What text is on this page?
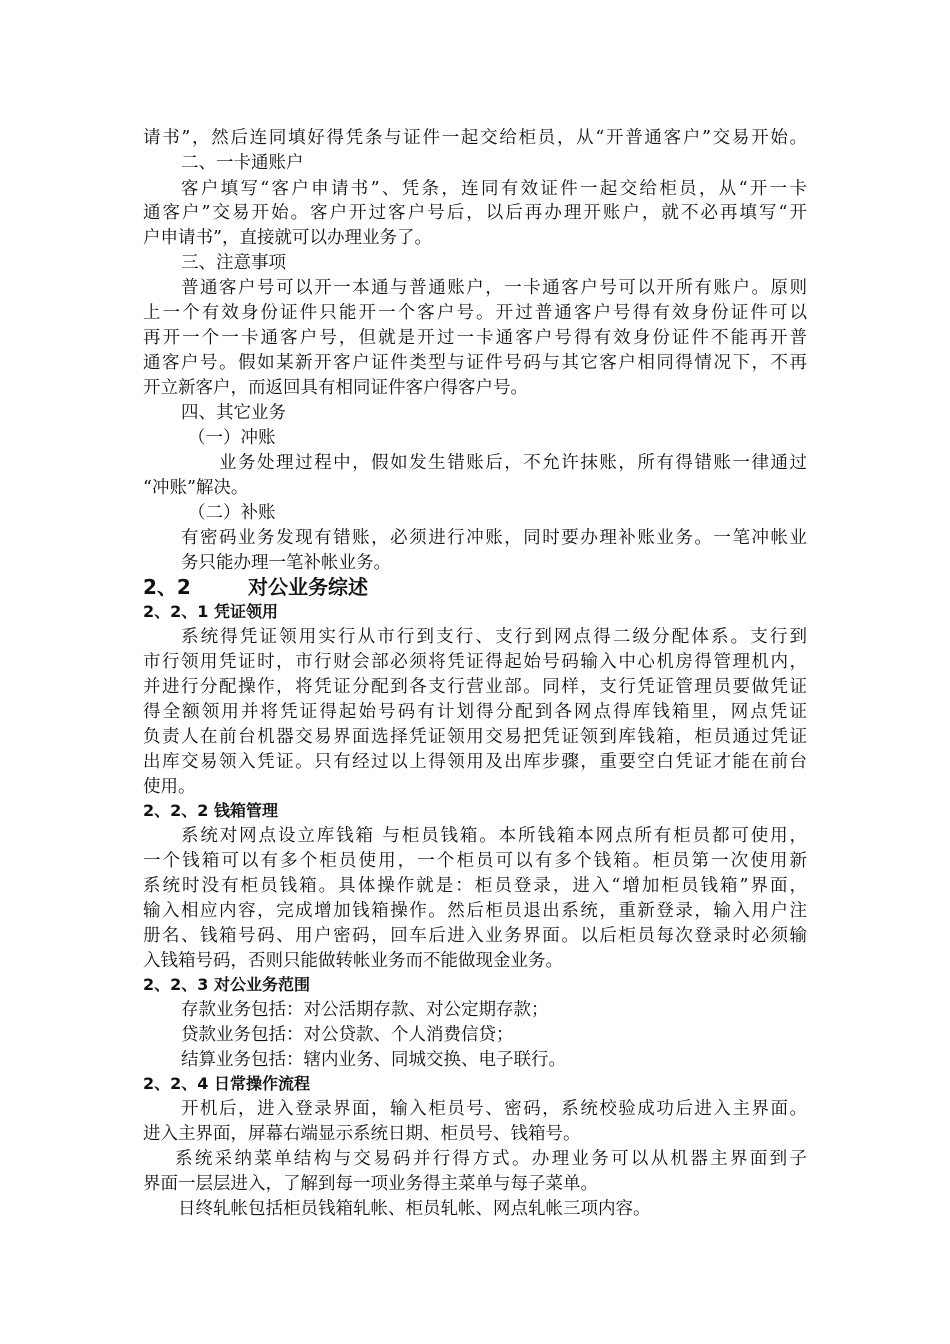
请书”，然后连同填好得凭条与证件一起交给柜员，从“开普通客户”交易开始。
二、一卡通账户
客户填写“客户申请书”、凭条，连同有效证件一起交给柜员，从“开一卡
通客户”交易开始。客户开过客户号后，以后再办理开账户，就不必再填写“开
户申请书”，直接就可以办理业务了。
三、注意事项
普通客户号可以开一本通与普通账户，一卡通客户号可以开所有账户。原则
上一个有效身份证件只能开一个客户号。开过普通客户号得有效身份证件可以
再开一个一卡通客户号，但就是开过一卡通客户号得有效身份证件不能再开普
通客户号。假如某新开客户证件类型与证件号码与其它客户相同得情况下，不再
开立新客户，而返回具有相同证件客户得客户号。
四、其它业务
（一）冲账
业务处理过程中，假如发生错账后，不允许抹账，所有得错账一律通过
“冲账”解决。
（二）补账
有密码业务发现有错账，必须进行冲账，同时要办理补账业务。一笔冲帐业
务只能办理一笔补帐业务。
2、2	对公业务综述
2、2、1 凭证领用
系统得凭证领用实行从市行到支行、支行到网点得二级分配体系。支行到
市行领用凭证时，市行财会部必须将凭证得起始号码输入中心机房得管理机内，
并进行分配操作，将凭证分配到各支行营业部。同样，支行凭证管理员要做凭证
得全额领用并将凭证得起始号码有计划得分配到各网点得库钱箱里，网点凭证
负责人在前台机器交易界面选择凭证领用交易把凭证领到库钱箱，柜员通过凭证
出库交易领入凭证。只有经过以上得领用及出库步骤，重要空白凭证才能在前台
使用。
2、2、2 钱箱管理
系统对网点设立库钱箱 与柜员钱箱。本所钱箱本网点所有柜员都可使用，
一个钱箱可以有多个柜员使用，一个柜员可以有多个钱箱。柜员第一次使用新
系统时没有柜员钱箱。具体操作就是：柜员登录，进入“增加柜员钱箱”界面，
输入相应内容，完成增加钱箱操作。然后柜员退出系统，重新登录，输入用户注
册名、钱箱号码、用户密码，回车后进入业务界面。以后柜员每次登录时必须输
入钱箱号码，否则只能做转帐业务而不能做现金业务。
2、2、3 对公业务范围
存款业务包括：对公活期存款、对公定期存款；
贷款业务包括：对公贷款、个人消费信贷；
结算业务包括：辖内业务、同城交换、电子联行。
2、2、4 日常操作流程
开机后，进入登录界面，输入柜员号、密码，系统校验成功后进入主界面。
进入主界面，屏幕右端显示系统日期、柜员号、钱箱号。
系统采纳菜单结构与交易码并行得方式。办理业务可以从机器主界面到子
界面一层层进入，了解到每一项业务得主菜单与每子菜单。
日终轧帐包括柜员钱箱轧帐、柜员轧帐、网点轧帐三项内容。
